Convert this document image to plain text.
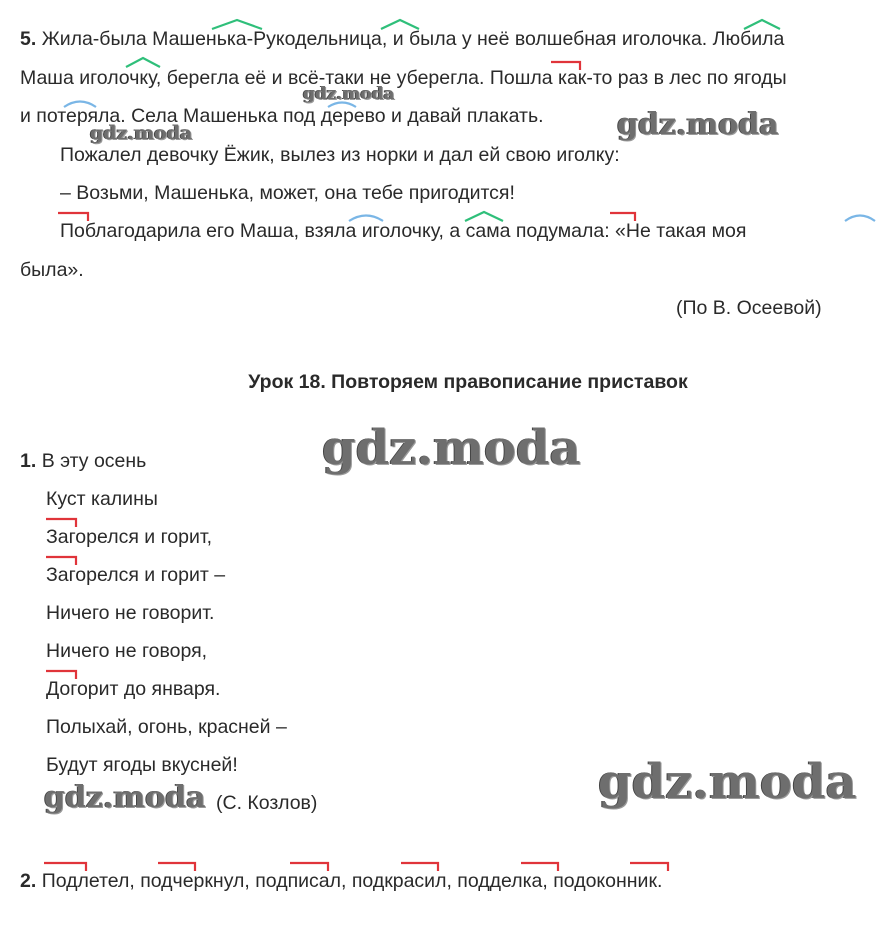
5. Жила-была Машенька-Рукодельница, и была у неё волшебная иголочка. Любила
Маша иголочку, берегла её и всё-таки не уберегла. Пошла как-то раз в лес по ягоды
и потеряла. Села Машенька под дерево и давай плакать.
Пожалел девочку Ёжик, вылез из норки и дал ей свою иголку:
– Возьми, Машенька, может, она тебе пригодится!
Поблагодарила его Маша, взяла иголочку, а сама подумала: «Не такая моя
была».
(По В. Осеевой)
Урок 18. Повторяем правописание приставок
1. В эту осень
Куст калины
Загорелся и горит,
Загорелся и горит –
Ничего не говорит.
Ничего не говоря,
Догорит до января.
Полыхай, огонь, красней –
Будут ягоды вкусней!
(С. Козлов)
2. Подлетел, подчеркнул, подписал, подкрасил, подделка, подоконник.
gdz.moda
gdz.moda	gdz.moda
gdz.moda
gdz.moda	gdz.moda
